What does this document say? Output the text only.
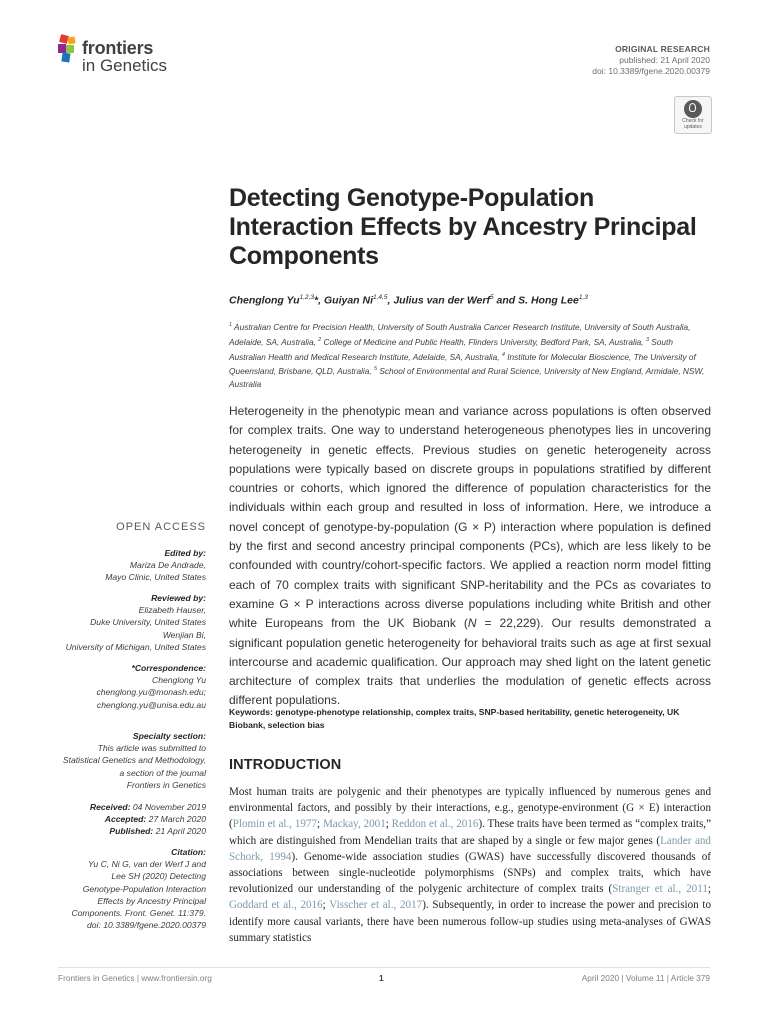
frontiers
in Genetics
ORIGINAL RESEARCH
published: 21 April 2020
doi: 10.3389/fgene.2020.00379
Check for updates
Detecting Genotype-Population Interaction Effects by Ancestry Principal Components
Chenglong Yu$^{1,2,3}$*, Guiyan Ni$^{1,4,5}$, Julius van der Werf$^5$ and S. Hong Lee$^{1,3}$
$^1$ Australian Centre for Precision Health, University of South Australia Cancer Research Institute, University of South Australia, Adelaide, SA, Australia, $^2$ College of Medicine and Public Health, Flinders University, Bedford Park, SA, Australia, $^3$ South Australian Health and Medical Research Institute, Adelaide, SA, Australia, $^4$ Institute for Molecular Bioscience, The University of Queensland, Brisbane, QLD, Australia, $^5$ School of Environmental and Rural Science, University of New England, Armidale, NSW, Australia
OPEN ACCESS
Edited by:
Mariza De Andrade,
Mayo Clinic, United States
Reviewed by:
Elizabeth Hauser,
Duke University, United States
Wenjian Bi,
University of Michigan, United States
*Correspondence:
Chenglong Yu
chenglong.yu@monash.edu;
chenglong.yu@unisa.edu.au
Specialty section:
This article was submitted to
Statistical Genetics and Methodology,
a section of the journal
Frontiers in Genetics
Received: 04 November 2019
Accepted: 27 March 2020
Published: 21 April 2020
Citation:
Yu C, Ni G, van der Werf J and
Lee SH (2020) Detecting
Genotype-Population Interaction
Effects by Ancestry Principal
Components. Front. Genet. 11:379.
doi: 10.3389/fgene.2020.00379

Heterogeneity in the phenotypic mean and variance across populations is often observed for complex traits. One way to understand heterogeneous phenotypes lies in uncovering heterogeneity in genetic effects. Previous studies on genetic heterogeneity across populations were typically based on discrete groups in populations stratified by different countries or cohorts, which ignored the difference of population characteristics for the individuals within each group and resulted in loss of information. Here, we introduce a novel concept of genotype-by-population (G × P) interaction where population is defined by the first and second ancestry principal components (PCs), which are less likely to be confounded with country/cohort-specific factors. We applied a reaction norm model fitting each of 70 complex traits with significant SNP-heritability and the PCs as covariates to examine G × P interactions across diverse populations including white British and other white Europeans from the UK Biobank (N = 22,229). Our results demonstrated a significant population genetic heterogeneity for behavioral traits such as age at first sexual intercourse and academic qualification. Our approach may shed light on the latent genetic architecture of complex traits that underlies the modulation of genetic effects across different populations.

Keywords: genotype-phenotype relationship, complex traits, SNP-based heritability, genetic heterogeneity, UK Biobank, selection bias
INTRODUCTION

Most human traits are polygenic and their phenotypes are typically influenced by numerous genes and environmental factors, and possibly by their interactions, e.g., genotype-environment (G × E) interaction (Plomin et al., 1977; Mackay, 2001; Reddon et al., 2016). These traits have been termed as “complex traits,” which are distinguished from Mendelian traits that are shaped by a single or few major genes (Lander and Schork, 1994). Genome-wide association studies (GWAS) have successfully discovered thousands of associations between single-nucleotide polymorphisms (SNPs) and complex traits, which have revolutionized our understanding of the polygenic architecture of complex traits (Stranger et al., 2011; Goddard et al., 2016; Visscher et al., 2017). Subsequently, in order to increase the power and precision to identify more causal variants, there have been numerous follow-up studies using meta-analyses of GWAS summary statistics

Frontiers in Genetics | www.frontiersin.org	1	April 2020 | Volume 11 | Article 379
